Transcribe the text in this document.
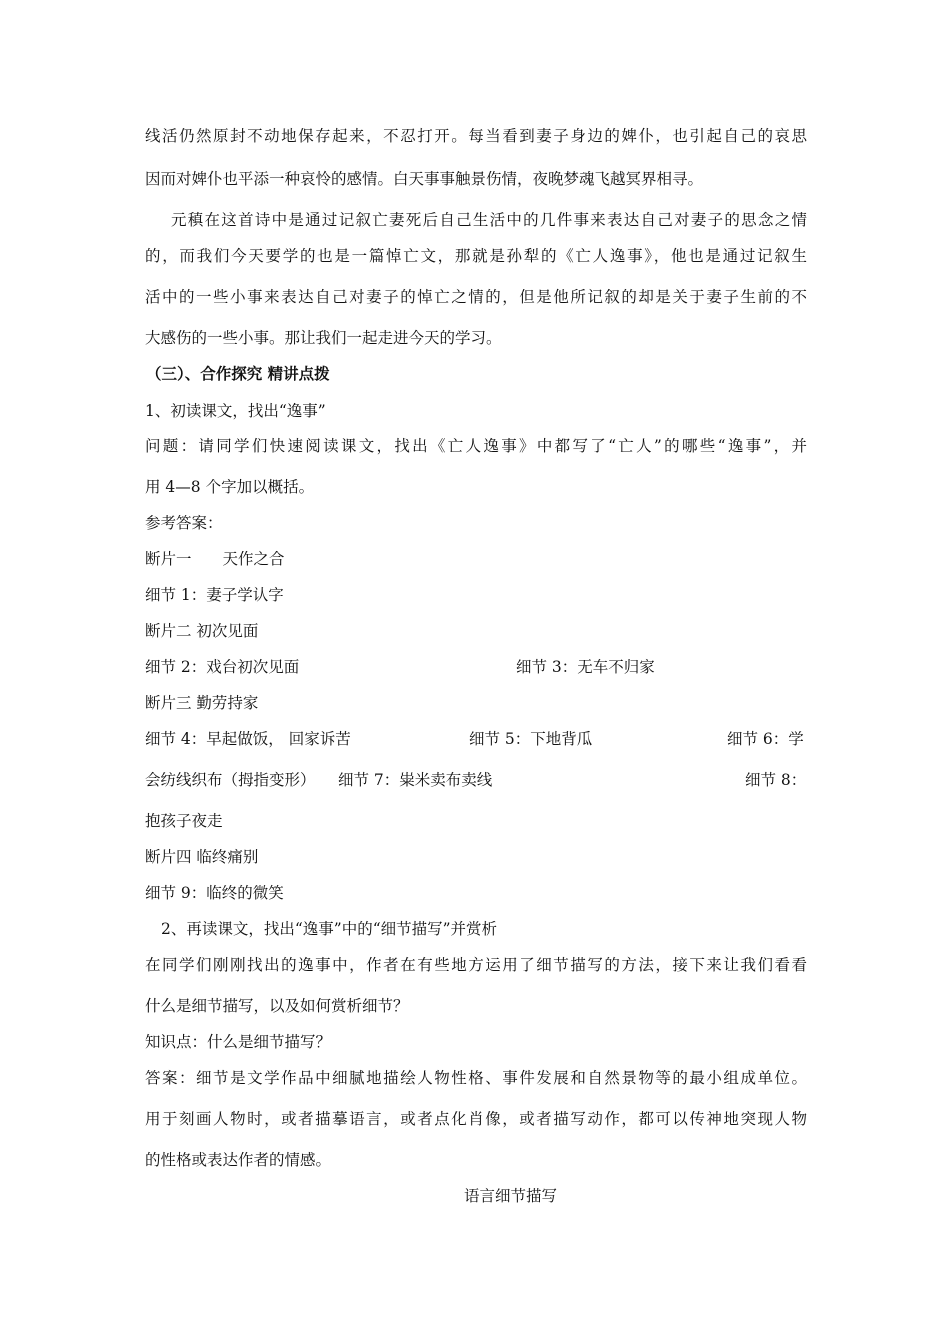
线活仍然原封不动地保存起来，不忍打开。每当看到妻子身边的婢仆，也引起自己的哀思
因而对婢仆也平添一种哀怜的感情。白天事事触景伤情，夜晚梦魂飞越冥界相寻。
元稹在这首诗中是通过记叙亡妻死后自己生活中的几件事来表达自己对妻子的思念之情
的，而我们今天要学的也是一篇悼亡文，那就是孙犁的《亡人逸事》，他也是通过记叙生
活中的一些小事来表达自己对妻子的悼亡之情的，但是他所记叙的却是关于妻子生前的不
大感伤的一些小事。那让我们一起走进今天的学习。
（三）、合作探究 精讲点拨
1、初读课文，找出“逸事”
问题：请同学们快速阅读课文，找出《亡人逸事》中都写了“亡人”的哪些“逸事”，并
用 4—8 个字加以概括。
参考答案：
断片一　　天作之合
细节 1：妻子学认字
断片二 初次见面
细节 2：戏台初次见面	细节 3：无车不归家
断片三 勤劳持家
细节 4：早起做饭， 回家诉苦	细节 5：下地背瓜	细节 6：学
会纺线织布（拇指变形）	细节 7：粜米卖布卖线	细节 8：
抱孩子夜走
断片四 临终痛别
细节 9：临终的微笑
2、再读课文，找出“逸事”中的“细节描写”并赏析
在同学们刚刚找出的逸事中，作者在有些地方运用了细节描写的方法，接下来让我们看看
什么是细节描写，以及如何赏析细节？
知识点：什么是细节描写？
答案：细节是文学作品中细腻地描绘人物性格、事件发展和自然景物等的最小组成单位。
用于刻画人物时，或者描摹语言，或者点化肖像，或者描写动作，都可以传神地突现人物
的性格或表达作者的情感。
语言细节描写
